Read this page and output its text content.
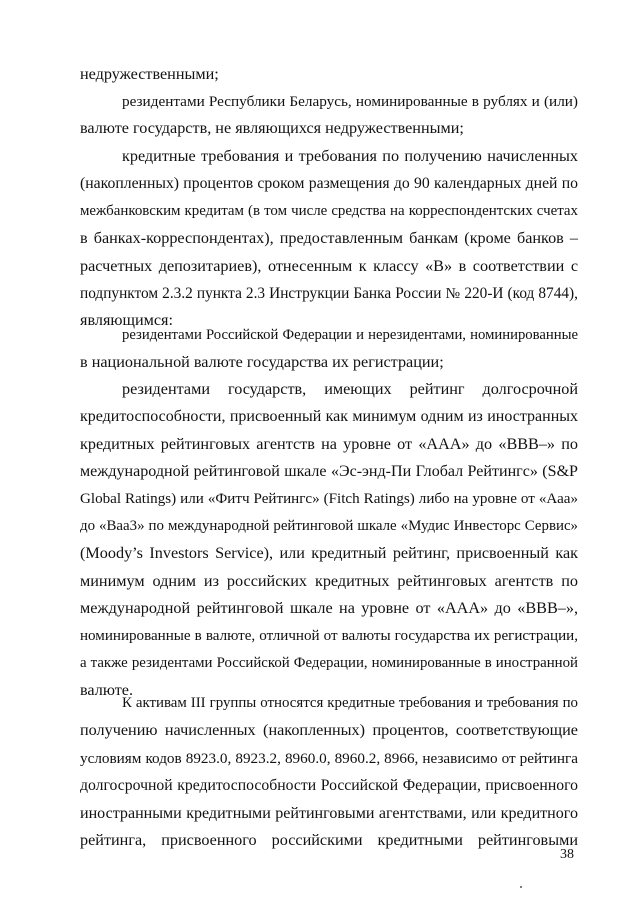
недружественными;
резидентами Республики Беларусь, номинированные в рублях и (или)
валюте государств, не являющихся недружественными;
кредитные требования и требования по получению начисленных
(накопленных) процентов сроком размещения до 90 календарных дней по
межбанковским кредитам (в том числе средства на корреспондентских счетах
в банках-корреспондентах), предоставленным банкам (кроме банков –
расчетных депозитариев), отнесенным к классу «В» в соответствии с
подпунктом 2.3.2 пункта 2.3 Инструкции Банка России № 220-И (код 8744),
являющимся:
резидентами Российской Федерации и нерезидентами, номинированные
в национальной валюте государства их регистрации;
резидентами государств, имеющих рейтинг долгосрочной
кредитоспособности, присвоенный как минимум одним из иностранных
кредитных рейтинговых агентств на уровне от «ААА» до «ВВВ–» по
международной рейтинговой шкале «Эс-энд-Пи Глобал Рейтингс» (S&P
Global Ratings) или «Фитч Рейтингс» (Fitch Ratings) либо на уровне от «Ааа»
до «Ваа3» по международной рейтинговой шкале «Мудис Инвесторс Сервис»
(Moody’s Investors Service), или кредитный рейтинг, присвоенный как
минимум одним из российских кредитных рейтинговых агентств по
международной рейтинговой шкале на уровне от «ААА» до «ВВВ–»,
номинированные в валюте, отличной от валюты государства их регистрации,
а также резидентами Российской Федерации, номинированные в иностранной
валюте.
К активам III группы относятся кредитные требования и требования по
получению начисленных (накопленных) процентов, соответствующие
условиям кодов 8923.0, 8923.2, 8960.0, 8960.2, 8966, независимо от рейтинга
долгосрочной кредитоспособности Российской Федерации, присвоенного
иностранными кредитными рейтинговыми агентствами, или кредитного
рейтинга, присвоенного российскими кредитными рейтинговыми
38
